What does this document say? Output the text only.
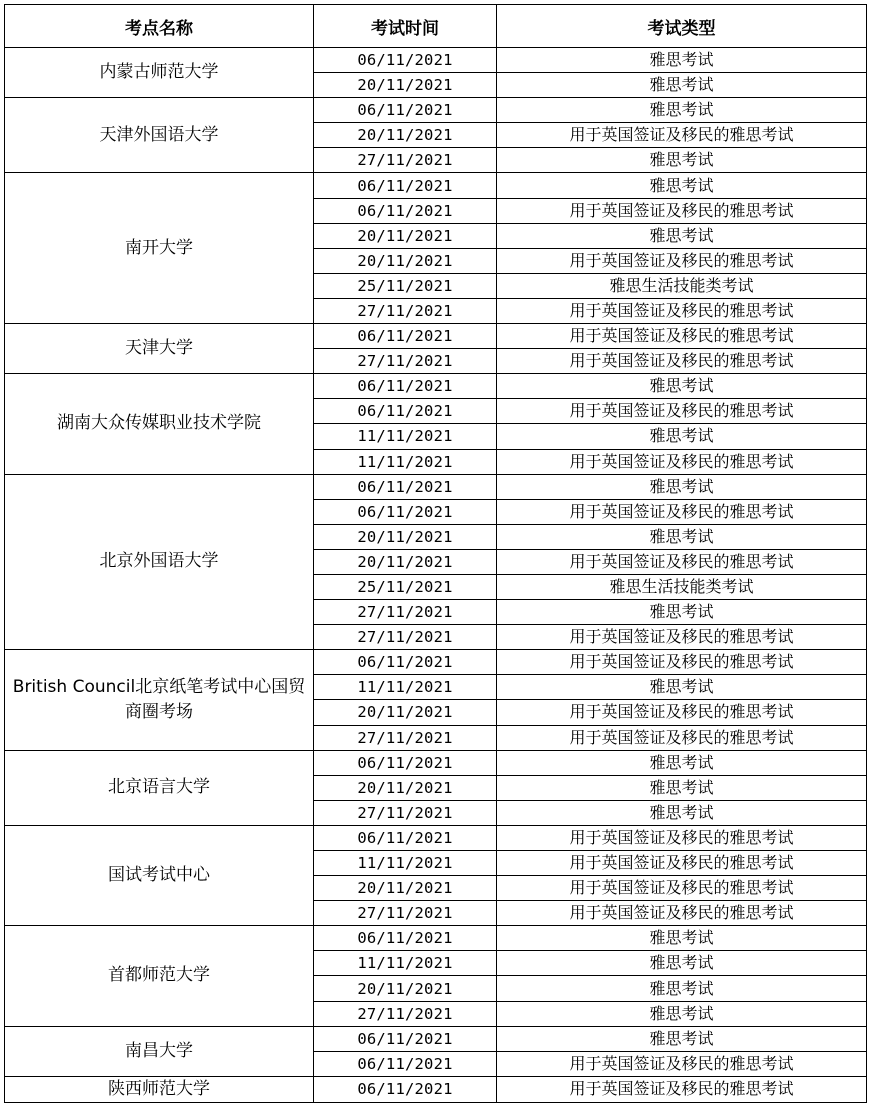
考点名称	考试时间	考试类型
内蒙古师范大学	06/11/2021	雅思考试
	20/11/2021	雅思考试
天津外国语大学	06/11/2021	雅思考试
	20/11/2021	用于英国签证及移民的雅思考试
	27/11/2021	雅思考试
南开大学	06/11/2021	雅思考试
	06/11/2021	用于英国签证及移民的雅思考试
	20/11/2021	雅思考试
	20/11/2021	用于英国签证及移民的雅思考试
	25/11/2021	雅思生活技能类考试
	27/11/2021	用于英国签证及移民的雅思考试
天津大学	06/11/2021	用于英国签证及移民的雅思考试
	27/11/2021	用于英国签证及移民的雅思考试
湖南大众传媒职业技术学院	06/11/2021	雅思考试
	06/11/2021	用于英国签证及移民的雅思考试
	11/11/2021	雅思考试
	11/11/2021	用于英国签证及移民的雅思考试
北京外国语大学	06/11/2021	雅思考试
	06/11/2021	用于英国签证及移民的雅思考试
	20/11/2021	雅思考试
	20/11/2021	用于英国签证及移民的雅思考试
	25/11/2021	雅思生活技能类考试
	27/11/2021	雅思考试
	27/11/2021	用于英国签证及移民的雅思考试
British Council北京纸笔考试中心国贸商圈考场	06/11/2021	用于英国签证及移民的雅思考试
	11/11/2021	雅思考试
	20/11/2021	用于英国签证及移民的雅思考试
	27/11/2021	用于英国签证及移民的雅思考试
北京语言大学	06/11/2021	雅思考试
	20/11/2021	雅思考试
	27/11/2021	雅思考试
国试考试中心	06/11/2021	用于英国签证及移民的雅思考试
	11/11/2021	用于英国签证及移民的雅思考试
	20/11/2021	用于英国签证及移民的雅思考试
	27/11/2021	用于英国签证及移民的雅思考试
首都师范大学	06/11/2021	雅思考试
	11/11/2021	雅思考试
	20/11/2021	雅思考试
	27/11/2021	雅思考试
南昌大学	06/11/2021	雅思考试
	06/11/2021	用于英国签证及移民的雅思考试
陕西师范大学	06/11/2021	用于英国签证及移民的雅思考试
